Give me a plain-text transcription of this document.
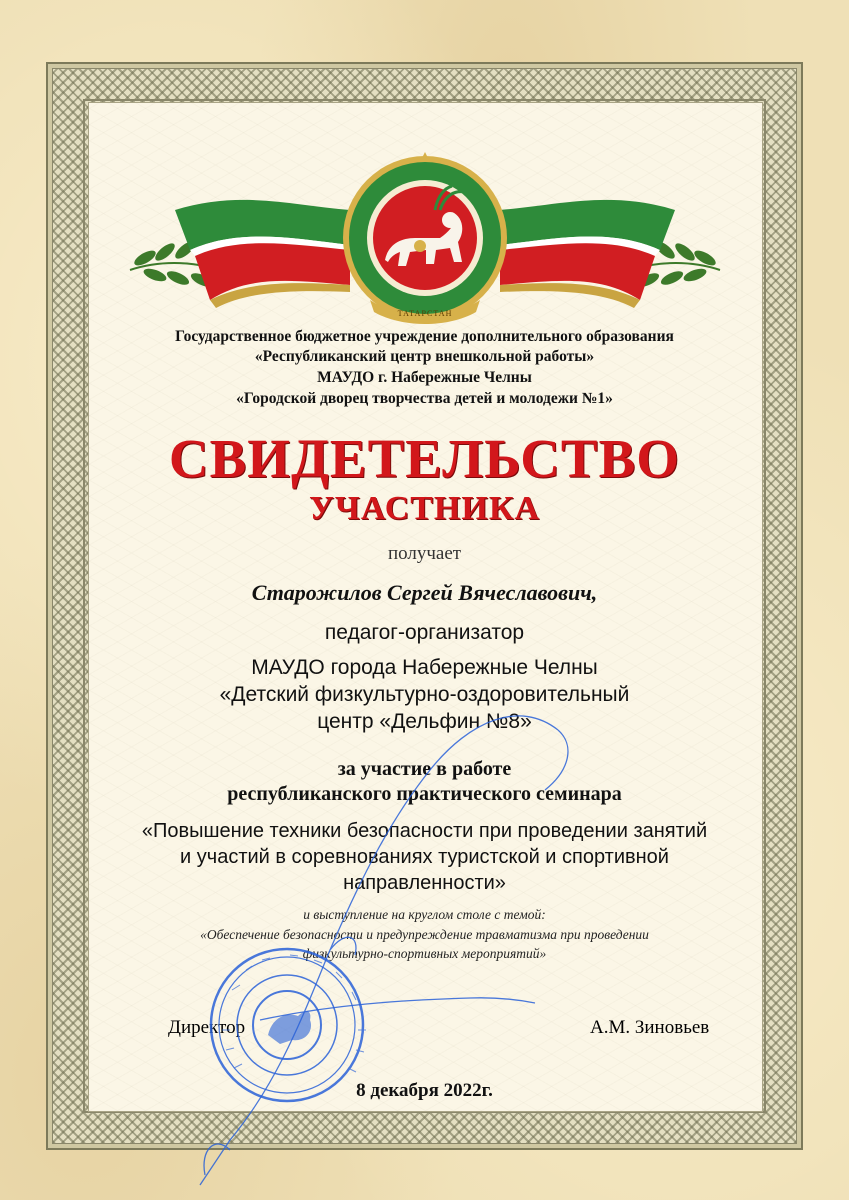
ТАТАРСТАН
Государственное бюджетное учреждение дополнительного образования
«Республиканский центр внешкольной работы»
МАУДО г. Набережные Челны
«Городской дворец творчества детей и молодежи №1»
СВИДЕТЕЛЬСТВО
УЧАСТНИКА
получает
Старожилов Сергей Вячеславович,
педагог-организатор
МАУДО города Набережные Челны
«Детский физкультурно-оздоровительный
центр «Дельфин №8»
за участие в работе
республиканского практического семинара
«Повышение техники безопасности при проведении занятий
и участий в соревнованиях туристской и спортивной
направленности»
и выступление на круглом столе с темой:
«Обеспечение безопасности и предупреждение травматизма при проведении
физкультурно-спортивных мероприятий»
Директор	А.М. Зиновьев
8 декабря 2022г.
